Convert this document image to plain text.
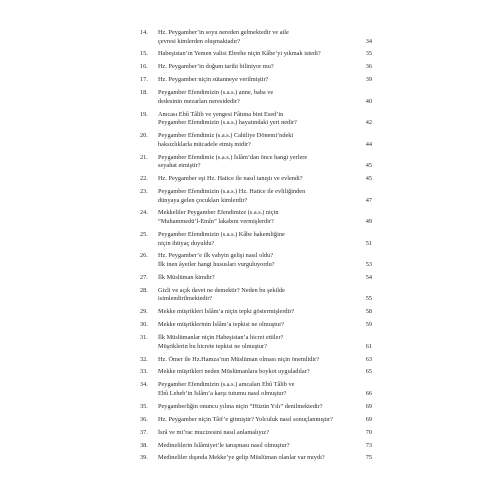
14.	Hz. Peygamber’in soyu nereden gelmektedir ve aile
çevresi kimlerden oluşmaktadır?	34
15.	Habeşistan’ın Yemen valisi Ebrehe niçin Kâbe’yi yıkmak istedi?	35
16.	Hz. Peygamber’in doğum tarihi biliniyor mu?	36
17.	Hz. Peygamber niçin sütanneye verilmiştir?	39
18.	Peygamber Efendimizin (s.a.s.) anne, baba ve
dedesinin mezarları neresidedir?	40
19.	Amcası Ebû Tâlib ve yengesi Fâtıma bint Esed’in
Peygamber Efendimizin (s.a.s.) hayatındaki yeri nedir?	42
20.	Peygamber Efendimiz (s.a.s.) Cahiliye Dönemi’ndeki
haksızlıklarla mücadele etmiş midir?	44
21.	Peygamber Efendimiz (s.a.s.) İslâm’dan önce hangi yerlere
seyahat etmiştir?	45
22.	Hz. Peygamber eşi Hz. Hatice ile nasıl tanıştı ve evlendi?	45
23.	Peygamber Efendimizin (s.a.s.) Hz. Hatice ile evliliğinden
dünyaya gelen çocukları kimlerdir?	47
24.	Mekkeliler Peygamber Efendimize (s.a.s.) niçin
“Muhammedü’l-Emîn” lakabını vermişlerdir?	49
25.	Peygamber Efendimizin (s.a.s.) Kâbe hakemliğine
niçin ihtiyaç duyuldu?	51
26.	Hz. Peygamber’e ilk vahyin gelişi nasıl oldu?
İlk inen âyetler hangi hususları vurguluyordu?	53
27.	İlk Müslüman kimdir?	54
28.	Gizli ve açık davet ne demektir? Neden bu şekilde
isimlendirilmektedir?	55
29.	Mekke müşrikleri İslâm’a niçin tepki göstermişlerdir?	58
30.	Mekke müşriklerinin İslâm’a tepkisi ne olmuştur?	59
31.	İlk Müslümanlar niçin Habeşistan’a hicret ettiler?
Müşriklerin bu hicrete tepkisi ne olmuştur?	61
32.	Hz. Ömer ile Hz.Hamza’nın Müslüman olması niçin önemlidir?	63
33.	Mekke müşrikleri neden Müslümanlara boykot uyguladılar?	65
34.	Peygamber Efendimizin (s.a.s.) amcaları Ebû Tâlib ve
Ebû Leheb’in İslâm’a karşı tutumu nasıl olmuştur?	66
35.	Peygamberliğin onuncu yılına niçin “Hüzün Yılı” denilmektedir?	69
36.	Hz. Peygamber niçin Tâif’e gitmiştir? Yolculuk nasıl sonuçlanmıştır?	69
37.	İsrâ ve mi’rac mucizesini nasıl anlamalıyız?	70
38.	Medinelilerin İslâmiyet’le tanışması nasıl olmuştur?	73
39.	Medineliler dışında Mekke’ye gelip Müslüman olanlar var mıydı?	75
